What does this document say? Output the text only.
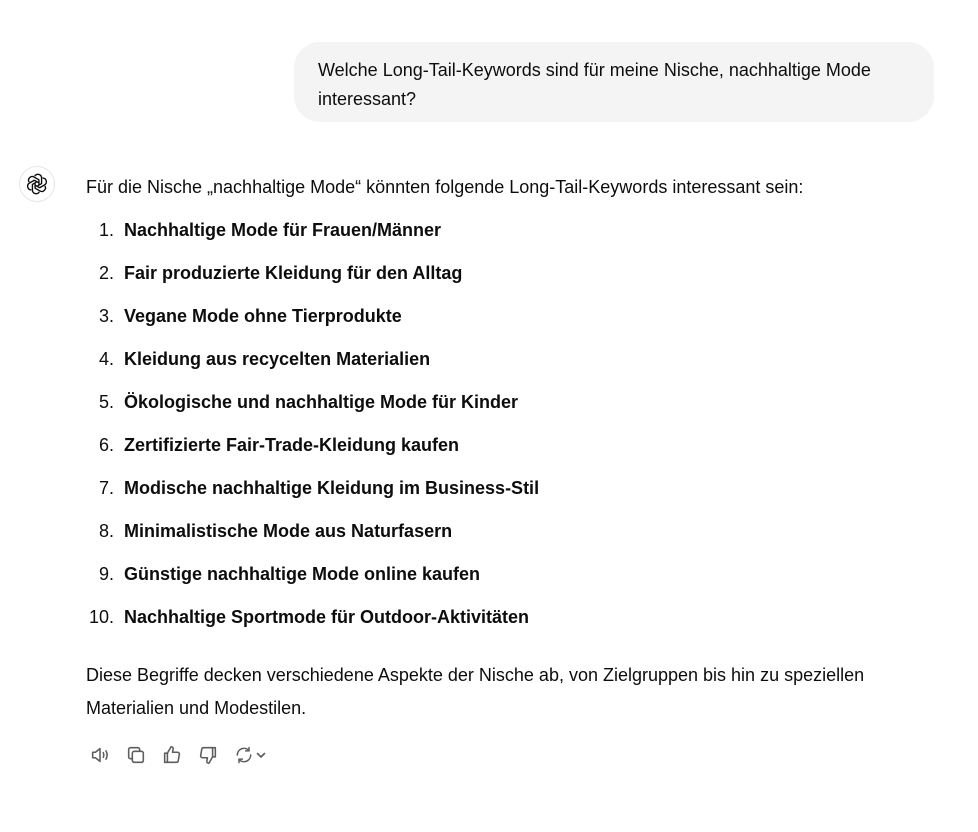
Welche Long-Tail-Keywords sind für meine Nische, nachhaltige Mode interessant?

Für die Nische „nachhaltige Mode“ könnten folgende Long-Tail-Keywords interessant sein:

1. Nachhaltige Mode für Frauen/Männer
2. Fair produzierte Kleidung für den Alltag
3. Vegane Mode ohne Tierprodukte
4. Kleidung aus recycelten Materialien
5. Ökologische und nachhaltige Mode für Kinder
6. Zertifizierte Fair-Trade-Kleidung kaufen
7. Modische nachhaltige Kleidung im Business-Stil
8. Minimalistische Mode aus Naturfasern
9. Günstige nachhaltige Mode online kaufen
10. Nachhaltige Sportmode für Outdoor-Aktivitäten

Diese Begriffe decken verschiedene Aspekte der Nische ab, von Zielgruppen bis hin zu speziellen Materialien und Modestilen.
